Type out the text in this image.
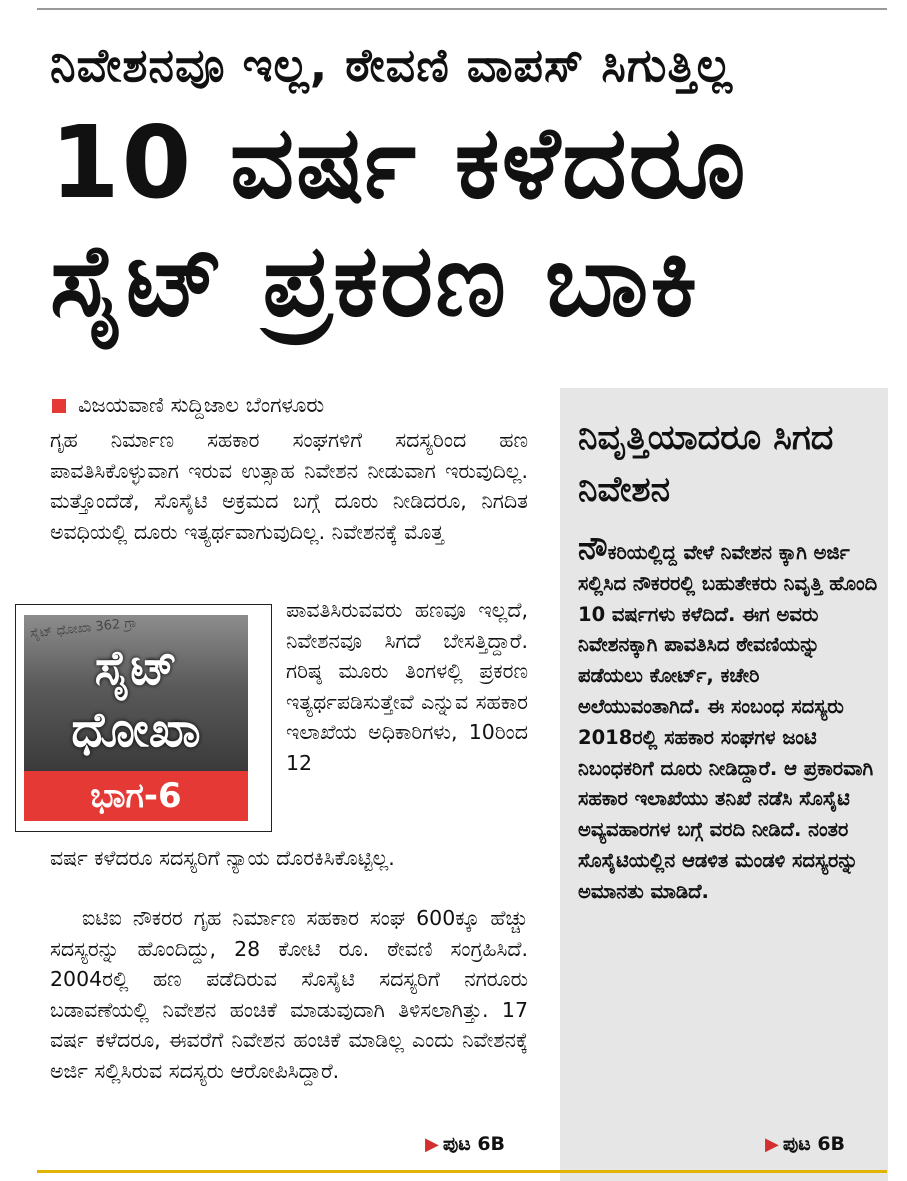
ನಿವೇಶನವೂ ಇಲ್ಲ, ಠೇವಣಿ ವಾಪಸ್ ಸಿಗುತ್ತಿಲ್ಲ
10 ವರ್ಷ ಕಳೆದರೂ
ಸೈಟ್ ಪ್ರಕರಣ ಬಾಕಿ
ವಿಜಯವಾಣಿ ಸುದ್ದಿಜಾಲ ಬೆಂಗಳೂರು
ಗೃಹ ನಿರ್ಮಾಣ ಸಹಕಾರ ಸಂಘಗಳಿಗೆ ಸದಸ್ಯರಿಂದ ಹಣ ಪಾವತಿಸಿಕೊಳ್ಳುವಾಗ ಇರುವ ಉತ್ಸಾಹ ನಿವೇಶನ ನೀಡುವಾಗ ಇರುವುದಿಲ್ಲ. ಮತ್ತೊಂದೆಡೆ, ಸೊಸೈಟಿ ಅಕ್ರಮದ ಬಗ್ಗೆ ದೂರು ನೀಡಿದರೂ, ನಿಗದಿತ ಅವಧಿಯಲ್ಲಿ ದೂರು ಇತ್ಯರ್ಥವಾಗುವುದಿಲ್ಲ. ನಿವೇಶನಕ್ಕೆ ಮೊತ್ತ
ಪಾವತಿಸಿರುವವರು ಹಣವೂ ಇಲ್ಲದೆ, ನಿವೇಶನವೂ ಸಿಗದೆ ಬೇಸತ್ತಿದ್ದಾರೆ. ಗರಿಷ್ಠ ಮೂರು ತಿಂಗಳಲ್ಲಿ ಪ್ರಕರಣ ಇತ್ಯರ್ಥಪಡಿಸುತ್ತೇವೆ ಎನ್ನುವ ಸಹಕಾರ ಇಲಾಖೆಯ ಅಧಿಕಾರಿಗಳು, 10ರಿಂದ 12
ವರ್ಷ ಕಳೆದರೂ ಸದಸ್ಯರಿಗೆ ನ್ಯಾಯ ದೊರಕಿಸಿಕೊಟ್ಟಿಲ್ಲ.
ಐಟಿಐ ನೌಕರರ ಗೃಹ ನಿರ್ಮಾಣ ಸಹಕಾರ ಸಂಘ 600ಕ್ಕೂ ಹೆಚ್ಚು ಸದಸ್ಯರನ್ನು ಹೊಂದಿದ್ದು, 28 ಕೋಟಿ ರೂ. ಠೇವಣಿ ಸಂಗ್ರಹಿಸಿದೆ. 2004ರಲ್ಲಿ ಹಣ ಪಡೆದಿರುವ ಸೊಸೈಟಿ ಸದಸ್ಯರಿಗೆ ನಗರೂರು ಬಡಾವಣೆಯಲ್ಲಿ ನಿವೇಶನ ಹಂಚಿಕೆ ಮಾಡುವುದಾಗಿ ತಿಳಿಸಲಾಗಿತ್ತು. 17 ವರ್ಷ ಕಳೆದರೂ, ಈವರೆಗೆ ನಿವೇಶನ ಹಂಚಿಕೆ ಮಾಡಿಲ್ಲ ಎಂದು ನಿವೇಶನಕ್ಕೆ ಅರ್ಜಿ ಸಲ್ಲಿಸಿರುವ ಸದಸ್ಯರು ಆರೋಪಿಸಿದ್ದಾರೆ.
▶ ಪುಟ 6B
ಸೈಟ್ ಧೋಖಾ 362 ಗ್ರಾ
ಸೈಟ್
ಧೋಖಾ
ಭಾಗ-6
ನಿವೃತ್ತಿಯಾದರೂ ಸಿಗದ ನಿವೇಶನ
ನೌಕರಿಯಲ್ಲಿದ್ದ ವೇಳೆ ನಿವೇಶನ ಕ್ಕಾಗಿ ಅರ್ಜಿ ಸಲ್ಲಿಸಿದ ನೌಕರರಲ್ಲಿ ಬಹುತೇಕರು ನಿವೃತ್ತಿ ಹೊಂದಿ 10 ವರ್ಷಗಳು ಕಳೆದಿದೆ. ಈಗ ಅವರು ನಿವೇಶನಕ್ಕಾಗಿ ಪಾವತಿಸಿದ ಠೇವಣಿಯನ್ನು ಪಡೆಯಲು ಕೋರ್ಟ್, ಕಚೇರಿ ಅಲೆಯುವಂತಾಗಿದೆ. ಈ ಸಂಬಂಧ ಸದಸ್ಯರು 2018ರಲ್ಲಿ ಸಹಕಾರ ಸಂಘಗಳ ಜಂಟಿ ನಿಬಂಧಕರಿಗೆ ದೂರು ನೀಡಿದ್ದಾರೆ. ಆ ಪ್ರಕಾರವಾಗಿ ಸಹಕಾರ ಇಲಾಖೆಯು ತನಿಖೆ ನಡೆಸಿ ಸೊಸೈಟಿ ಅವ್ಯವಹಾರಗಳ ಬಗ್ಗೆ ವರದಿ ನೀಡಿದೆ. ನಂತರ ಸೊಸೈಟಿಯಲ್ಲಿನ ಆಡಳಿತ ಮಂಡಳಿ ಸದಸ್ಯರನ್ನು ಅಮಾನತು ಮಾಡಿದೆ.
▶ ಪುಟ 6B
